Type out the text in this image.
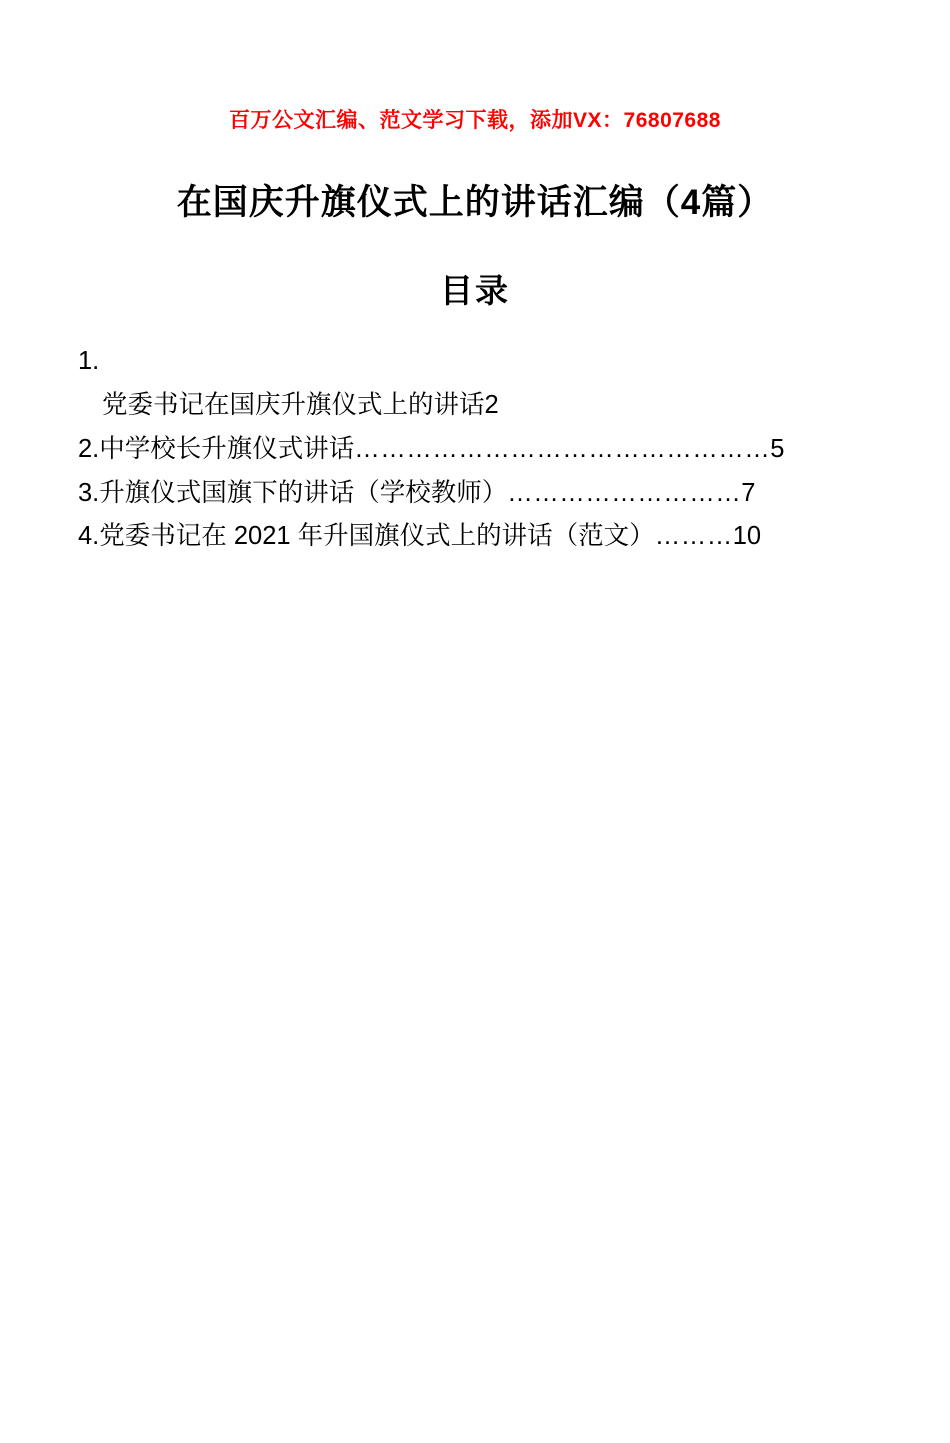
百万公文汇编、范文学习下载，添加VX：76807688
在国庆升旗仪式上的讲话汇编（4篇）
目录
1.
党委书记在国庆升旗仪式上的讲话2
2.中学校长升旗仪式讲话…………………………………………5
3.升旗仪式国旗下的讲话（学校教师）………………………7
4.党委书记在 2021 年升国旗仪式上的讲话（范文）………10
